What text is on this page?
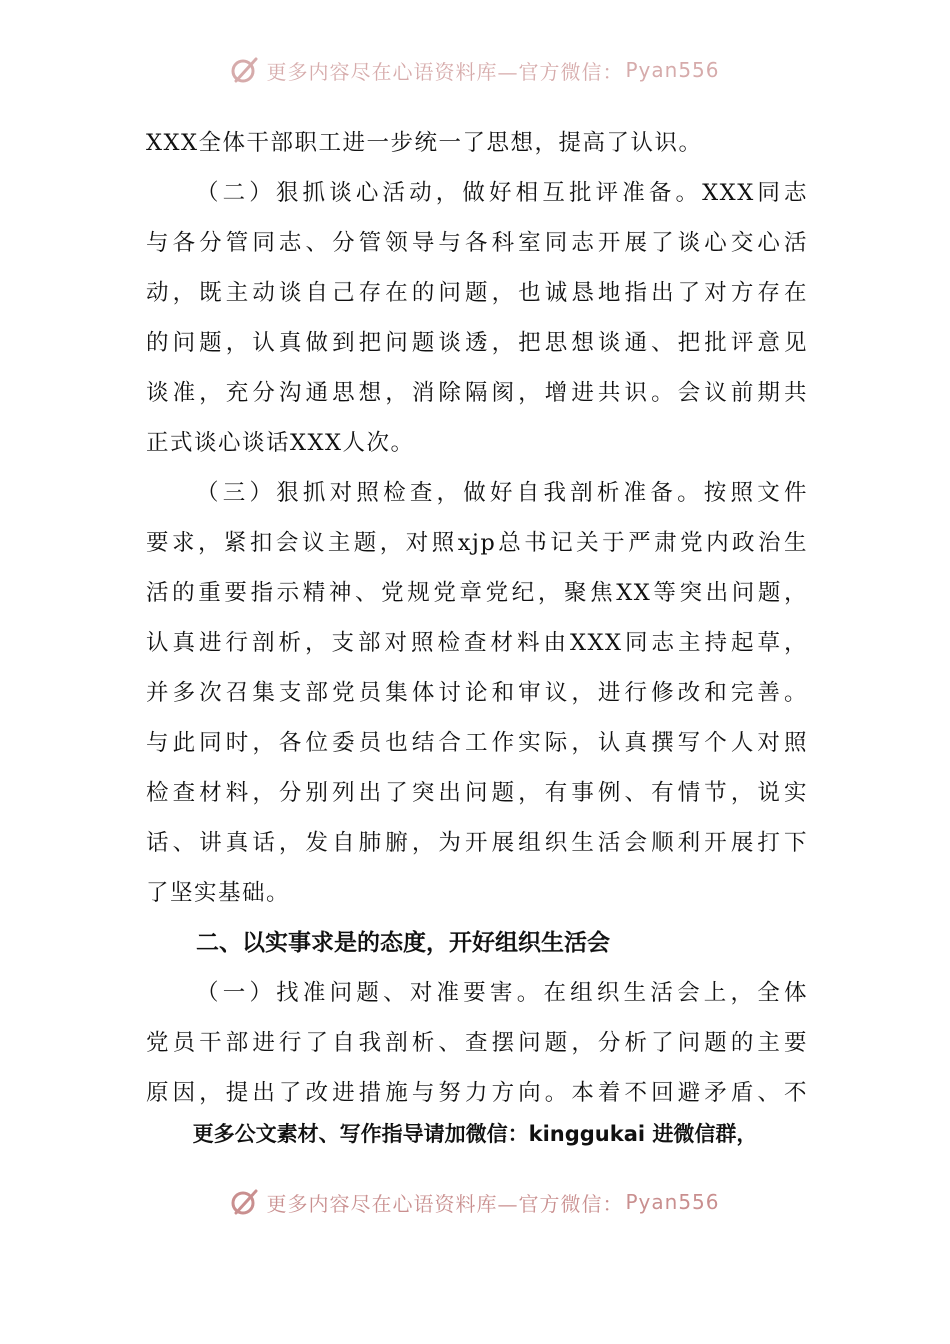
更多内容尽在心语资料库—官方微信： Pyan556
XXX全体干部职工进一步统一了思想，提高了认识。
（二）狠抓谈心活动，做好相互批评准备。XXX同志
与各分管同志、分管领导与各科室同志开展了谈心交心活
动，既主动谈自己存在的问题，也诚恳地指出了对方存在
的问题，认真做到把问题谈透，把思想谈通、把批评意见
谈准，充分沟通思想，消除隔阂，增进共识。会议前期共
正式谈心谈话XXX人次。
（三）狠抓对照检查，做好自我剖析准备。按照文件
要求，紧扣会议主题，对照xjp总书记关于严肃党内政治生
活的重要指示精神、党规党章党纪，聚焦XX等突出问题，
认真进行剖析，支部对照检查材料由XXX同志主持起草，
并多次召集支部党员集体讨论和审议，进行修改和完善。
与此同时，各位委员也结合工作实际，认真撰写个人对照
检查材料，分别列出了突出问题，有事例、有情节，说实
话、讲真话，发自肺腑，为开展组织生活会顺利开展打下
了坚实基础。
二、以实事求是的态度，开好组织生活会
（一）找准问题、对准要害。在组织生活会上，全体
党员干部进行了自我剖析、查摆问题，分析了问题的主要
原因，提出了改进措施与努力方向。本着不回避矛盾、不
更多公文素材、写作指导请加微信：kinggukai 进微信群，
更多内容尽在心语资料库—官方微信： Pyan556
